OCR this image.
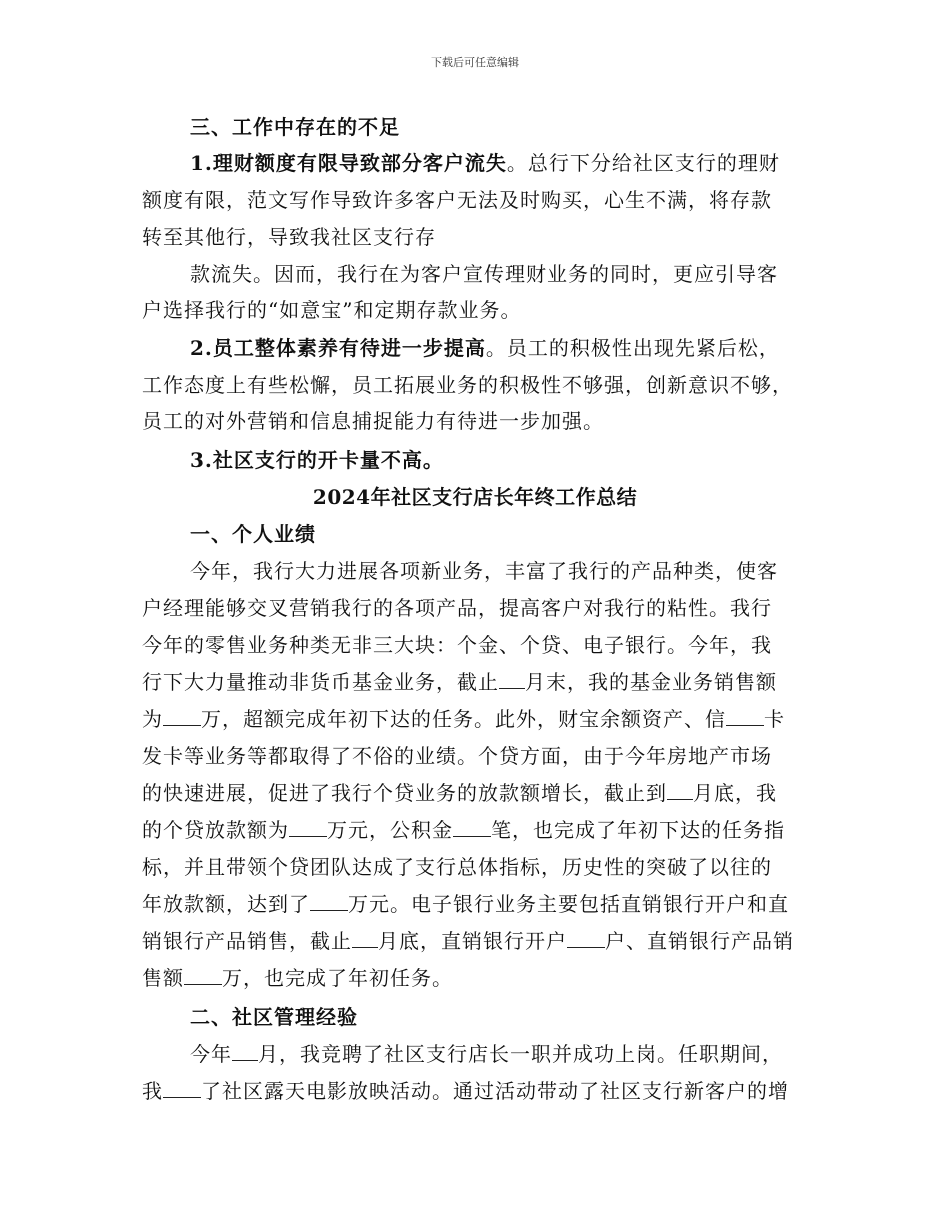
下载后可任意编辑
三、工作中存在的不足
1.理财额度有限导致部分客户流失。总行下分给社区支行的理财
额度有限，范文写作导致许多客户无法及时购买，心生不满，将存款
转至其他行，导致我社区支行存
款流失。因而，我行在为客户宣传理财业务的同时，更应引导客
户选择我行的“如意宝”和定期存款业务。
2.员工整体素养有待进一步提高。员工的积极性出现先紧后松，
工作态度上有些松懈，员工拓展业务的积极性不够强，创新意识不够，
员工的对外营销和信息捕捉能力有待进一步加强。
3.社区支行的开卡量不高。
2024年社区支行店长年终工作总结
一、个人业绩
今年，我行大力进展各项新业务，丰富了我行的产品种类，使客
户经理能够交叉营销我行的各项产品，提高客户对我行的粘性。我行
今年的零售业务种类无非三大块：个金、个贷、电子银行。今年，我
行下大力量推动非货币基金业务，截止 月末，我的基金业务销售额
为 万，超额完成年初下达的任务。此外，财宝余额资产、信 卡
发卡等业务等都取得了不俗的业绩。个贷方面，由于今年房地产市场
的快速进展，促进了我行个贷业务的放款额增长，截止到 月底，我
的个贷放款额为 万元，公积金 笔，也完成了年初下达的任务指
标，并且带领个贷团队达成了支行总体指标，历史性的突破了以往的
年放款额，达到了 万元。电子银行业务主要包括直销银行开户和直
销银行产品销售，截止 月底，直销银行开户 户、直销银行产品销
售额 万，也完成了年初任务。
二、社区管理经验
今年 月，我竞聘了社区支行店长一职并成功上岗。任职期间，
我 了社区露天电影放映活动。通过活动带动了社区支行新客户的增
